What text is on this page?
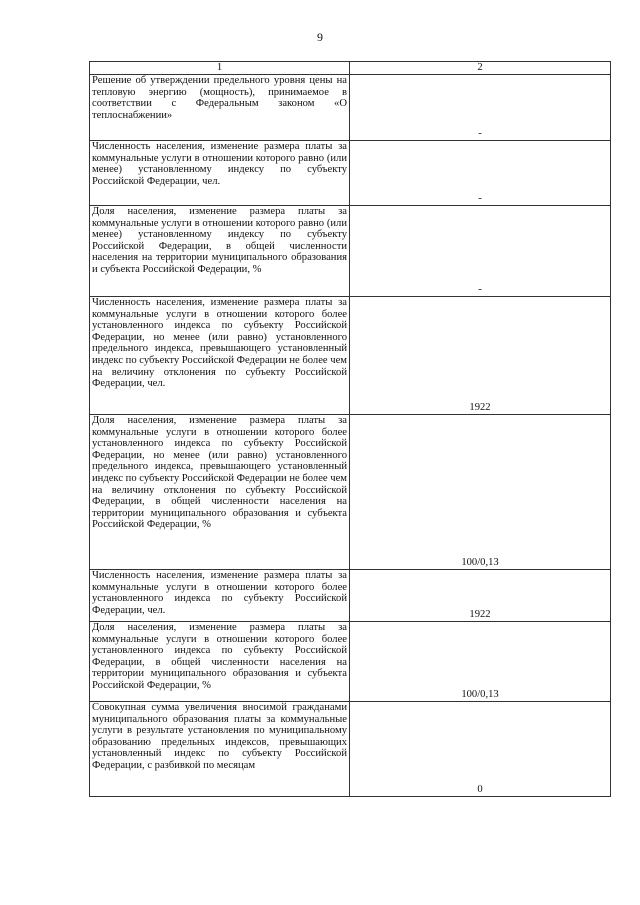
9
1	2
Решение об утверждении предельного уровня цены на тепловую энергию (мощность), принимаемое в соответствии с Федеральным законом «О теплоснабжении»	-
Численность населения, изменение размера платы за коммунальные услуги в отношении которого равно (или менее) установленному индексу по субъекту Российской Федерации, чел.	-
Доля населения, изменение размера платы за коммунальные услуги в отношении которого равно (или менее) установленному индексу по субъекту Российской Федерации, в общей численности населения на территории муниципального образования и субъекта Российской Федерации, %	-
Численность населения, изменение размера платы за коммунальные услуги в отношении которого более установленного индекса по субъекту Российской Федерации, но менее (или равно) установленного предельного индекса, превышающего установленный индекс по субъекту Российской Федерации не более чем на величину отклонения по субъекту Российской Федерации, чел.	1922
Доля населения, изменение размера платы за коммунальные услуги в отношении которого более установленного индекса по субъекту Российской Федерации, но менее (или равно) установленного предельного индекса, превышающего установленный индекс по субъекту Российской Федерации не более чем на величину отклонения по субъекту Российской Федерации, в общей численности населения на территории муниципального образования и субъекта Российской Федерации, %	100/0,13
Численность населения, изменение размера платы за коммунальные услуги в отношении которого более установленного индекса по субъекту Российской Федерации, чел.	1922
Доля населения, изменение размера платы за коммунальные услуги в отношении которого более установленного индекса по субъекту Российской Федерации, в общей численности населения на территории муниципального образования и субъекта Российской Федерации, %	100/0,13
Совокупная сумма увеличения вносимой гражданами муниципального образования платы за коммунальные услуги в результате установления по муниципальному образованию предельных индексов, превышающих установленный индекс по субъекту Российской Федерации, с разбивкой по месяцам	0
